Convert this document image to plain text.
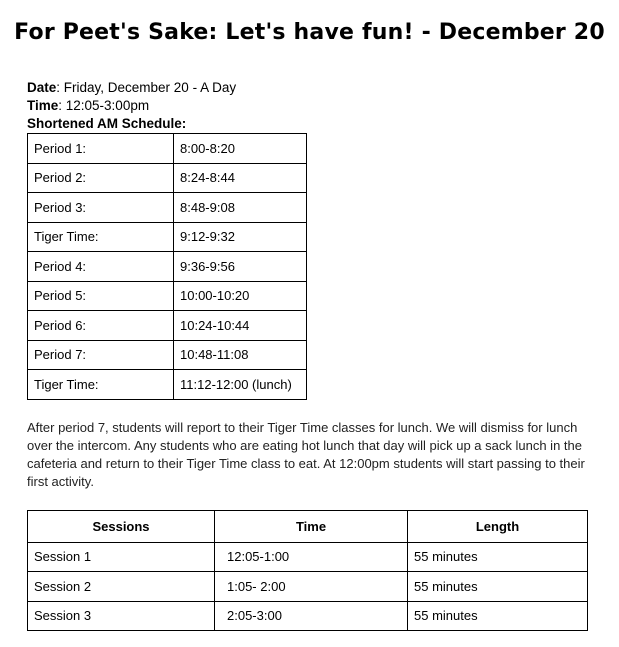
For Peet's Sake: Let's have fun! - December 20
Date: Friday, December 20 - A Day
Time: 12:05-3:00pm
Shortened AM Schedule:
Period 1:	8:00-8:20
Period 2:	8:24-8:44
Period 3:	8:48-9:08
Tiger Time:	9:12-9:32
Period 4:	9:36-9:56
Period 5:	10:00-10:20
Period 6:	10:24-10:44
Period 7:	10:48-11:08
Tiger Time:	11:12-12:00 (lunch)
After period 7, students will report to their Tiger Time classes for lunch. We will dismiss for lunch over the intercom. Any students who are eating hot lunch that day will pick up a sack lunch in the cafeteria and return to their Tiger Time class to eat. At 12:00pm students will start passing to their first activity.
Sessions	Time	Length
Session 1	12:05-1:00	55 minutes
Session 2	1:05- 2:00	55 minutes
Session 3	2:05-3:00	55 minutes
